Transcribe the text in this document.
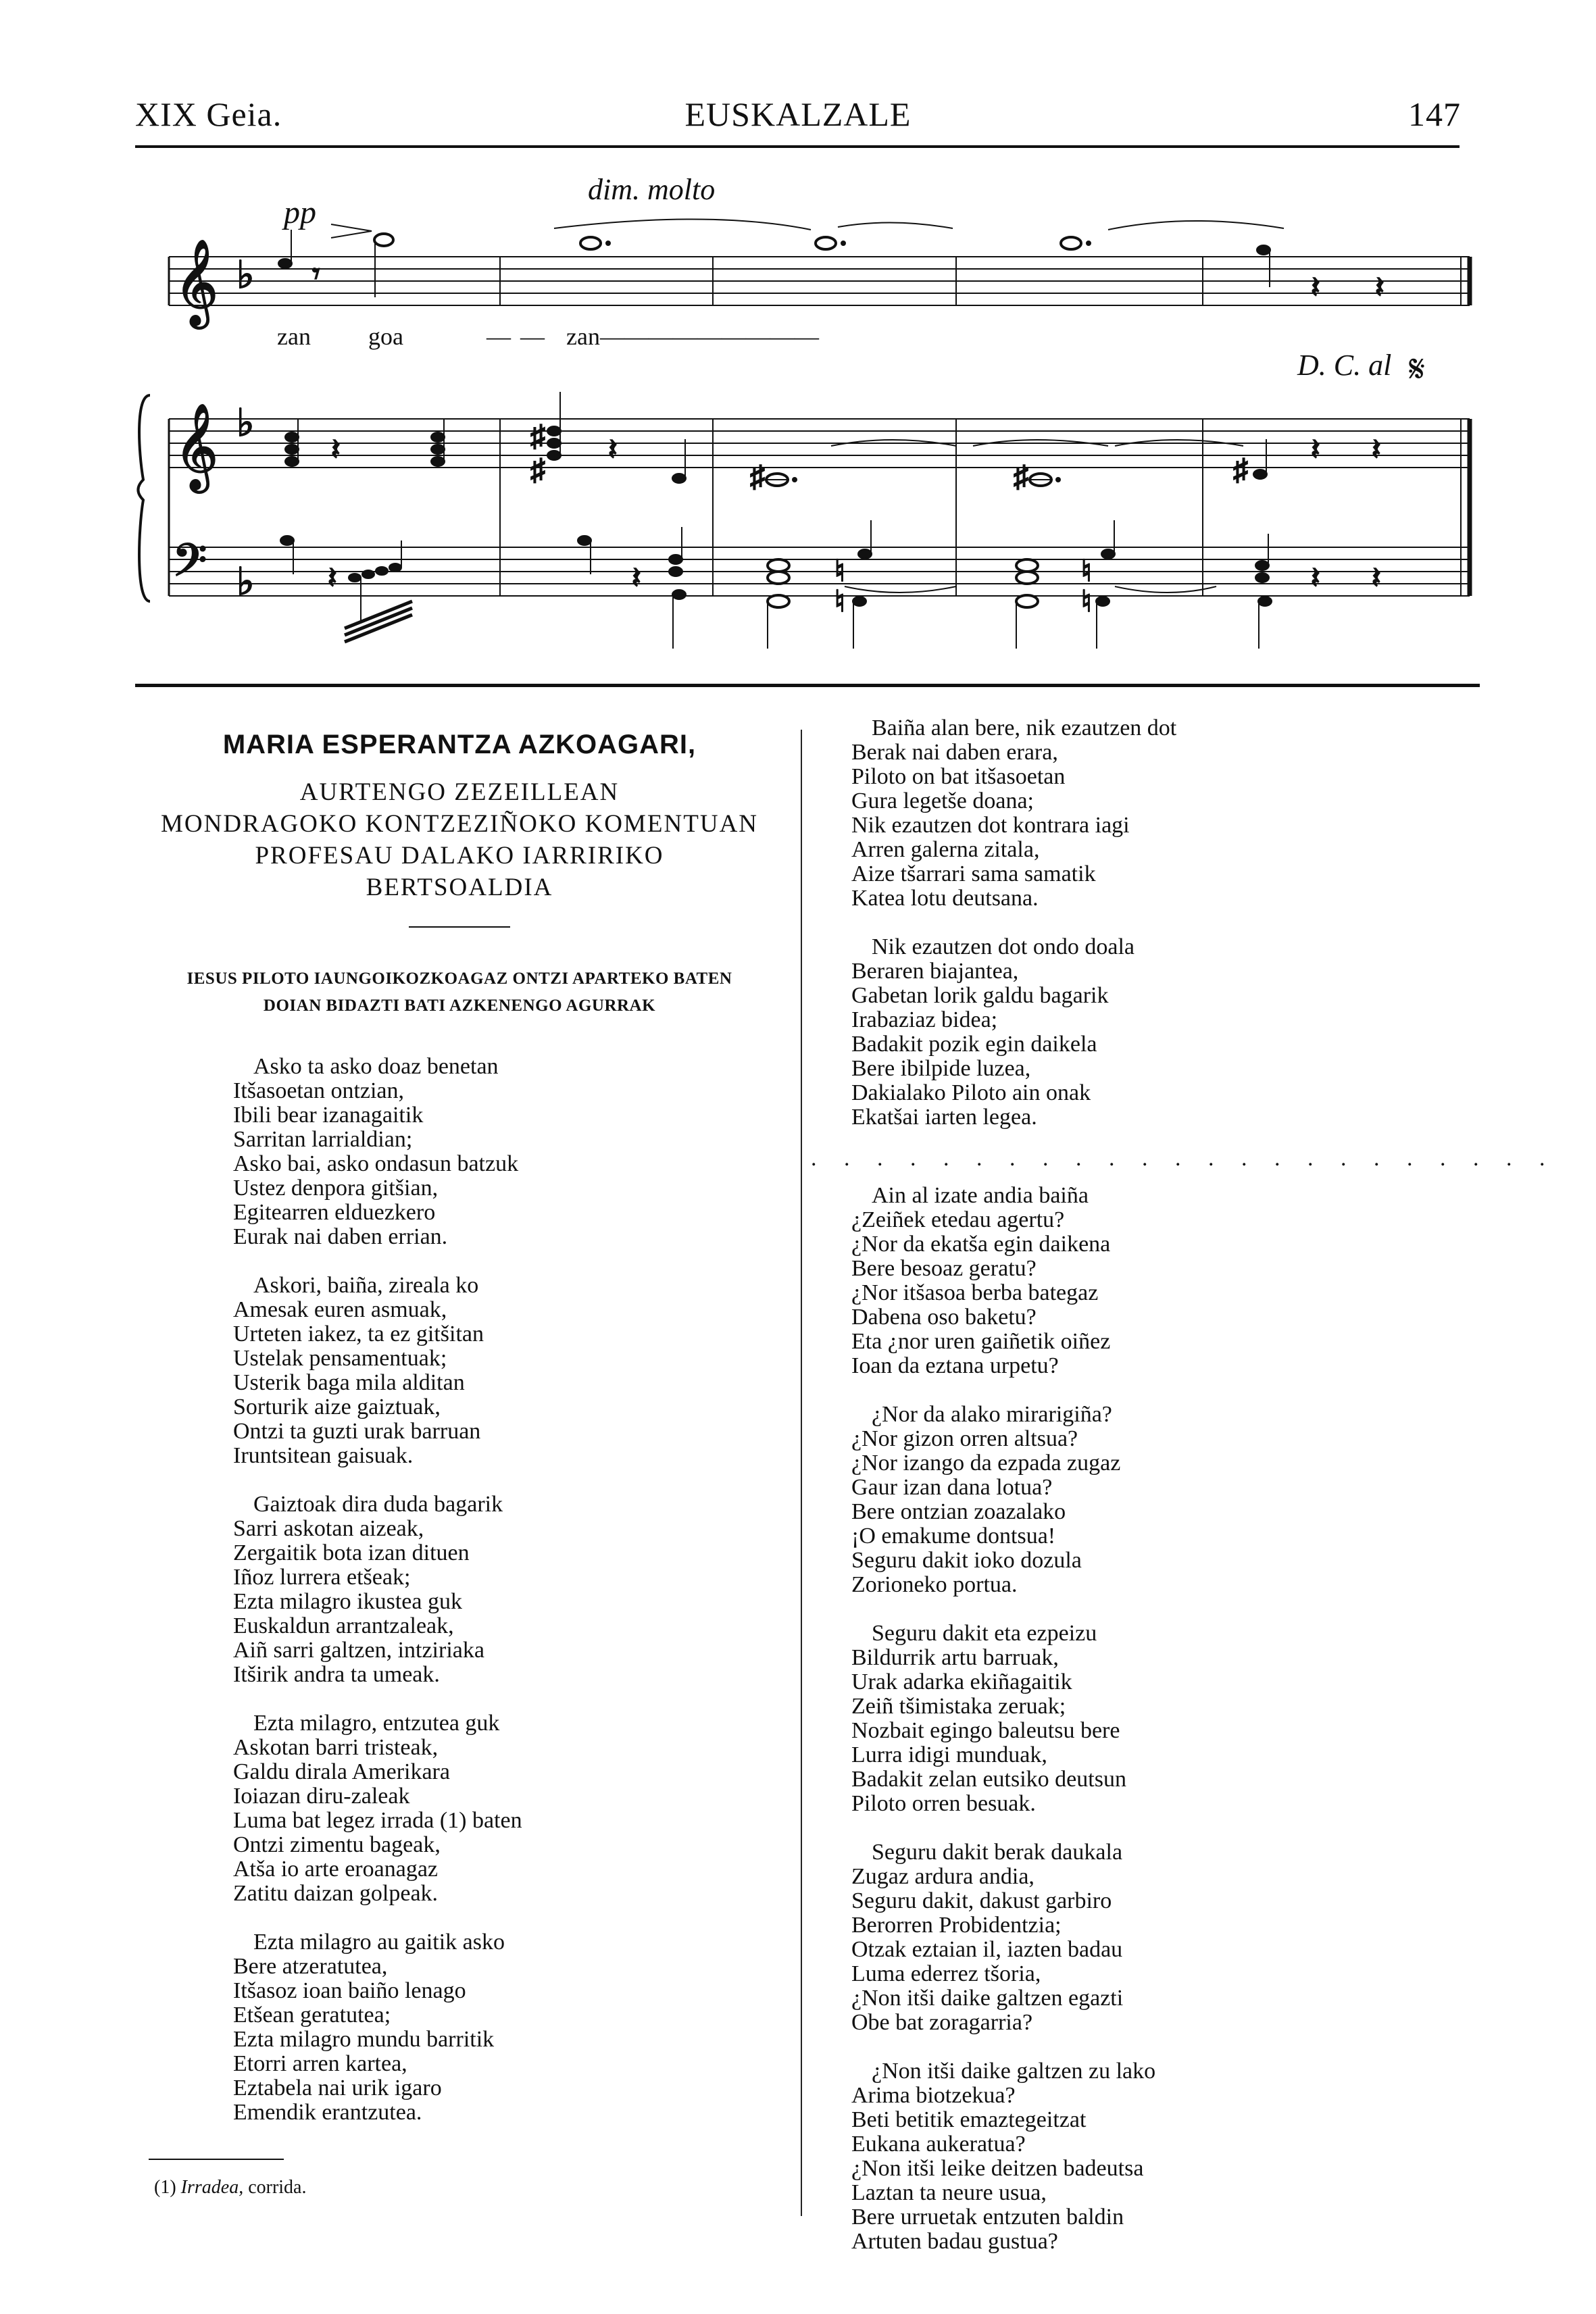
XIX Geia.	EUSKALZALE	147
𝄞
𝄞
𝄢
♭
♭
♭
𝄾	𝄽 𝄽
𝄽	♯
♯
𝄽
♯	♯	♯
𝄽 𝄽
𝄽	𝄽	♮
♮
♮
♮
𝄽 𝄽
pp
dim. molto
zan goa	— — zan—————————
D. C. al 𝄋
MARIA ESPERANTZA AZKOAGARI,
AURTENGO ZEZEILLEAN
MONDRAGOKO KONTZEZIÑOKO KOMENTUAN
PROFESAU DALAKO IARRIRIKO
BERTSOALDIA
IESUS PILOTO IAUNGOIKOZKOAGAZ ONTZI APARTEKO BATEN
DOIAN BIDAZTI BATI AZKENENGO AGURRAK
Asko ta asko doaz benetan
Itšasoetan ontzian,
Ibili bear izanagaitik
Sarritan larrialdian;
Asko bai, asko ondasun batzuk
Ustez denpora gitšian,
Egitearren elduezkero
Eurak nai daben errian.
Askori, baiña, zireala ko
Amesak euren asmuak,
Urteten iakez, ta ez gitšitan
Ustelak pensamentuak;
Usterik baga mila alditan
Sorturik aize gaiztuak,
Ontzi ta guzti urak barruan
Iruntsitean gaisuak.
Gaiztoak dira duda bagarik
Sarri askotan aizeak,
Zergaitik bota izan dituen
Iñoz lurrera etšeak;
Ezta milagro ikustea guk
Euskaldun arrantzaleak,
Aiñ sarri galtzen, intziriaka
Itširik andra ta umeak.
Ezta milagro, entzutea guk
Askotan barri tristeak,
Galdu dirala Amerikara
Ioiazan diru-zaleak
Luma bat legez irrada (1) baten
Ontzi zimentu bageak,
Atša io arte eroanagaz
Zatitu daizan golpeak.
Ezta milagro au gaitik asko
Bere atzeratutea,
Itšasoz ioan baiño lenago
Etšean geratutea;
Ezta milagro mundu barritik
Etorri arren kartea,
Eztabela nai urik igaro
Emendik erantzutea.
Baiña alan bere, nik ezautzen dot
Berak nai daben erara,
Piloto on bat itšasoetan
Gura legetše doana;
Nik ezautzen dot kontrara iagi
Arren galerna zitala,
Aize tšarrari sama samatik
Katea lotu deutsana.
Nik ezautzen dot ondo doala
Beraren biajantea,
Gabetan lorik galdu bagarik
Irabaziaz bidea;
Badakit pozik egin daikela
Bere ibilpide luzea,
Dakialako Piloto ain onak
Ekatšai iarten legea.
. . . . . . . . . . . . . . . . . . . . . . .
Ain al izate andia baiña
¿Zeiñek etedau agertu?
¿Nor da ekatša egin daikena
Bere besoaz geratu?
¿Nor itšasoa berba bategaz
Dabena oso baketu?
Eta ¿nor uren gaiñetik oiñez
Ioan da eztana urpetu?
¿Nor da alako mirarigiña?
¿Nor gizon orren altsua?
¿Nor izango da ezpada zugaz
Gaur izan dana lotua?
Bere ontzian zoazalako
¡O emakume dontsua!
Seguru dakit ioko dozula
Zorioneko portua.
Seguru dakit eta ezpeizu
Bildurrik artu barruak,
Urak adarka ekiñagaitik
Zeiñ tšimistaka zeruak;
Nozbait egingo baleutsu bere
Lurra idigi munduak,
Badakit zelan eutsiko deutsun
Piloto orren besuak.
Seguru dakit berak daukala
Zugaz ardura andia,
Seguru dakit, dakust garbiro
Berorren Probidentzia;
Otzak eztaian il, iazten badau
Luma ederrez tšoria,
¿Non itši daike galtzen egazti
Obe bat zoragarria?
¿Non itši daike galtzen zu lako
Arima biotzekua?
Beti betitik emaztegeitzat
Eukana aukeratua?
¿Non itši leike deitzen badeutsa
Laztan ta neure usua,
Bere urruetak entzuten baldin
Artuten badau gustua?
(1) Irradea, corrida.
